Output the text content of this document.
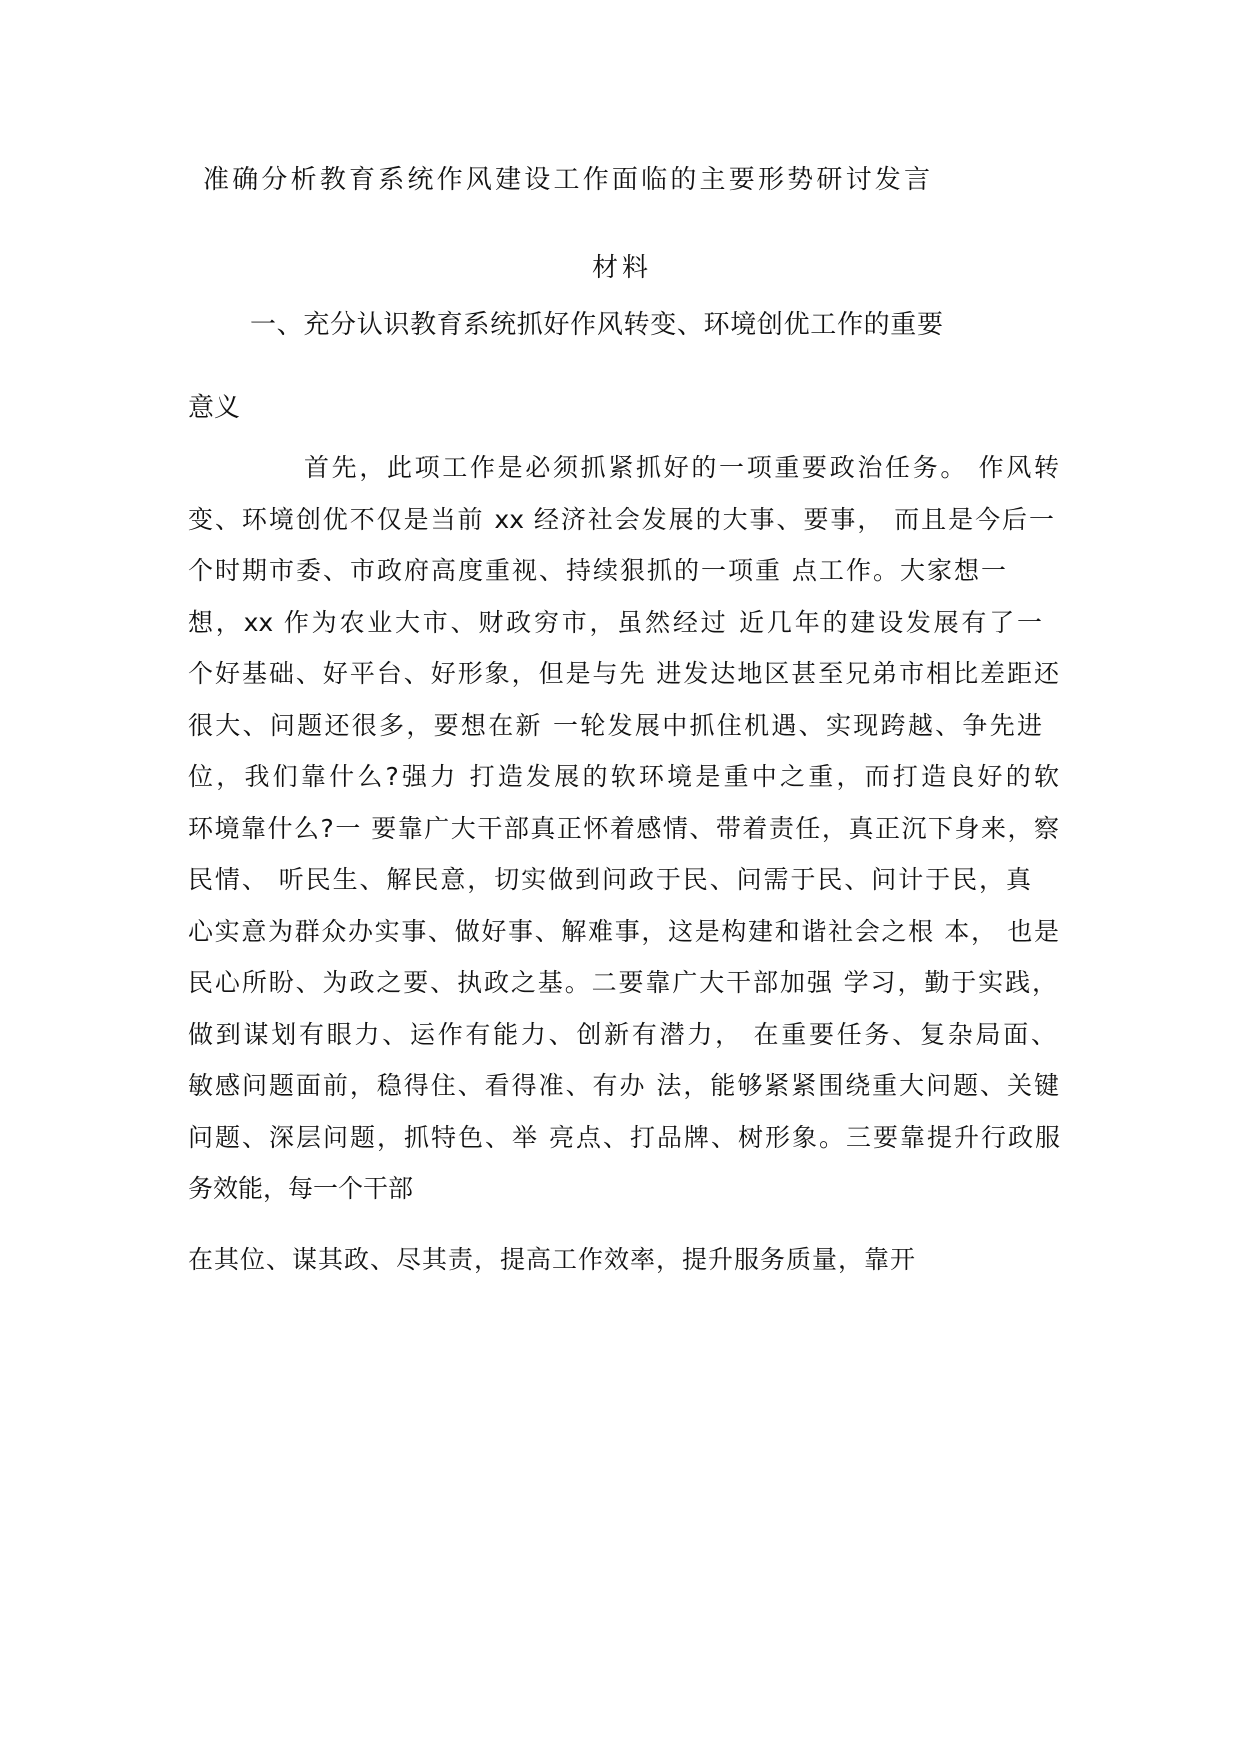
准确分析教育系统作风建设工作面临的主要形势研讨发言
材料
一、充分认识教育系统抓好作风转变、环境创优工作的重要
意义
首先，此项工作是必须抓紧抓好的一项重要政治任务。 作风转
变、环境创优不仅是当前 xx 经济社会发展的大事、要事， 而且是今后一
个时期市委、市政府高度重视、持续狠抓的一项重 点工作。大家想一
想，xx 作为农业大市、财政穷市，虽然经过 近几年的建设发展有了一
个好基础、好平台、好形象，但是与先 进发达地区甚至兄弟市相比差距还
很大、问题还很多，要想在新 一轮发展中抓住机遇、实现跨越、争先进
位，我们靠什么?强力 打造发展的软环境是重中之重，而打造良好的软
环境靠什么?一 要靠广大干部真正怀着感情、带着责任，真正沉下身来，察
民情、 听民生、解民意，切实做到问政于民、问需于民、问计于民，真
心实意为群众办实事、做好事、解难事，这是构建和谐社会之根 本， 也是
民心所盼、为政之要、执政之基。二要靠广大干部加强 学习，勤于实践，
做到谋划有眼力、运作有能力、创新有潜力， 在重要任务、复杂局面、
敏感问题面前，稳得住、看得准、有办 法，能够紧紧围绕重大问题、关键
问题、深层问题，抓特色、举 亮点、打品牌、树形象。三要靠提升行政服
务效能，每一个干部
在其位、谋其政、尽其责，提高工作效率，提升服务质量，靠开
